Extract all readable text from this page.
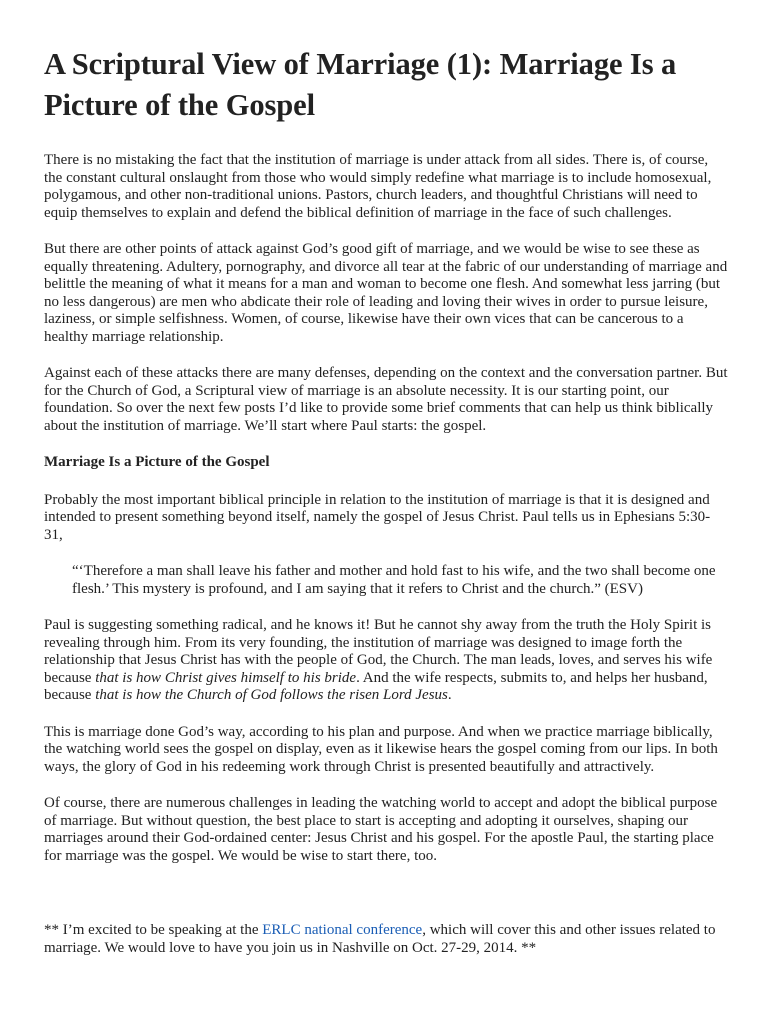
A Scriptural View of Marriage (1): Marriage Is a Picture of the Gospel

There is no mistaking the fact that the institution of marriage is under attack from all sides. There is, of course, the constant cultural onslaught from those who would simply redefine what marriage is to include homosexual, polygamous, and other non-traditional unions. Pastors, church leaders, and thoughtful Christians will need to equip themselves to explain and defend the biblical definition of marriage in the face of such challenges.

But there are other points of attack against God’s good gift of marriage, and we would be wise to see these as equally threatening. Adultery, pornography, and divorce all tear at the fabric of our understanding of marriage and belittle the meaning of what it means for a man and woman to become one flesh. And somewhat less jarring (but no less dangerous) are men who abdicate their role of leading and loving their wives in order to pursue leisure, laziness, or simple selfishness. Women, of course, likewise have their own vices that can be cancerous to a healthy marriage relationship.

Against each of these attacks there are many defenses, depending on the context and the conversation partner. But for the Church of God, a Scriptural view of marriage is an absolute necessity. It is our starting point, our foundation. So over the next few posts I’d like to provide some brief comments that can help us think biblically about the institution of marriage. We’ll start where Paul starts: the gospel.

Marriage Is a Picture of the Gospel

Probably the most important biblical principle in relation to the institution of marriage is that it is designed and intended to present something beyond itself, namely the gospel of Jesus Christ. Paul tells us in Ephesians 5:30-31,

“‘Therefore a man shall leave his father and mother and hold fast to his wife, and the two shall become one flesh.’ This mystery is profound, and I am saying that it refers to Christ and the church.” (ESV)

Paul is suggesting something radical, and he knows it! But he cannot shy away from the truth the Holy Spirit is revealing through him. From its very founding, the institution of marriage was designed to image forth the relationship that Jesus Christ has with the people of God, the Church. The man leads, loves, and serves his wife because that is how Christ gives himself to his bride. And the wife respects, submits to, and helps her husband, because that is how the Church of God follows the risen Lord Jesus.

This is marriage done God’s way, according to his plan and purpose. And when we practice marriage biblically, the watching world sees the gospel on display, even as it likewise hears the gospel coming from our lips. In both ways, the glory of God in his redeeming work through Christ is presented beautifully and attractively.

Of course, there are numerous challenges in leading the watching world to accept and adopt the biblical purpose of marriage. But without question, the best place to start is accepting and adopting it ourselves, shaping our marriages around their God-ordained center: Jesus Christ and his gospel. For the apostle Paul, the starting place for marriage was the gospel. We would be wise to start there, too.

** I’m excited to be speaking at the ERLC national conference, which will cover this and other issues related to marriage. We would love to have you join us in Nashville on Oct. 27-29, 2014. **
